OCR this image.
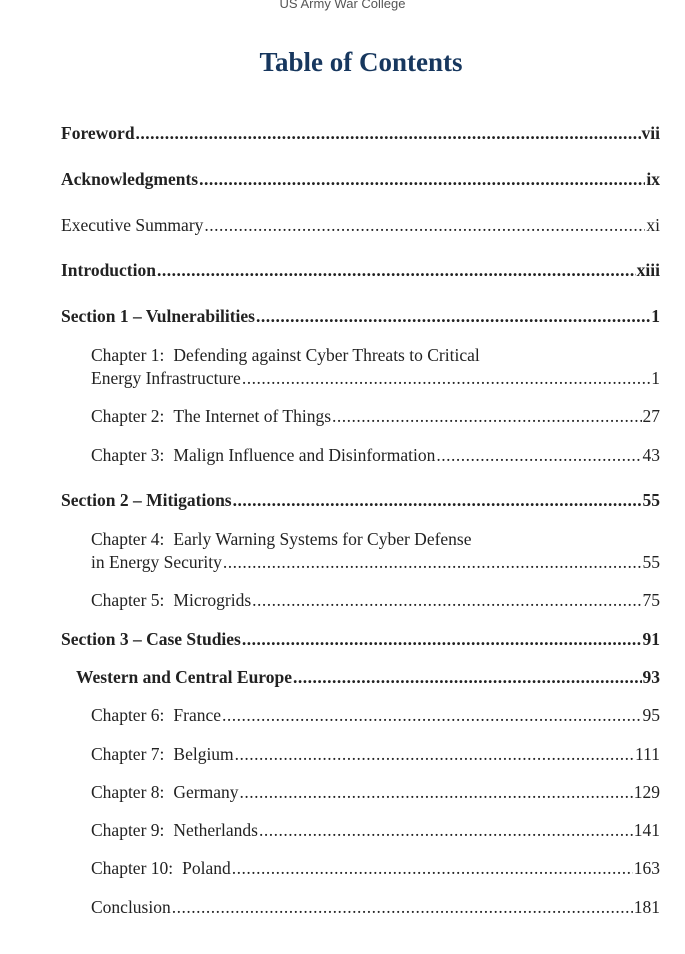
US Army War College
Table of Contents
Foreword .....	vii
Acknowledgments .....	ix
Executive Summary .....	xi
Introduction .....	xiii
Section 1 – Vulnerabilities .....	1
Chapter 1: Defending against Cyber Threats to Critical
Energy Infrastructure .....	1
Chapter 2: The Internet of Things .....	27
Chapter 3: Malign Influence and Disinformation .....	43
Section 2 – Mitigations .....	55
Chapter 4: Early Warning Systems for Cyber Defense
in Energy Security .....	55
Chapter 5: Microgrids .....	75
Section 3 – Case Studies .....	91
Western and Central Europe .....	93
Chapter 6: France .....	95
Chapter 7: Belgium .....	111
Chapter 8: Germany .....	129
Chapter 9: Netherlands .....	141
Chapter 10: Poland .....	163
Conclusion .....	181
